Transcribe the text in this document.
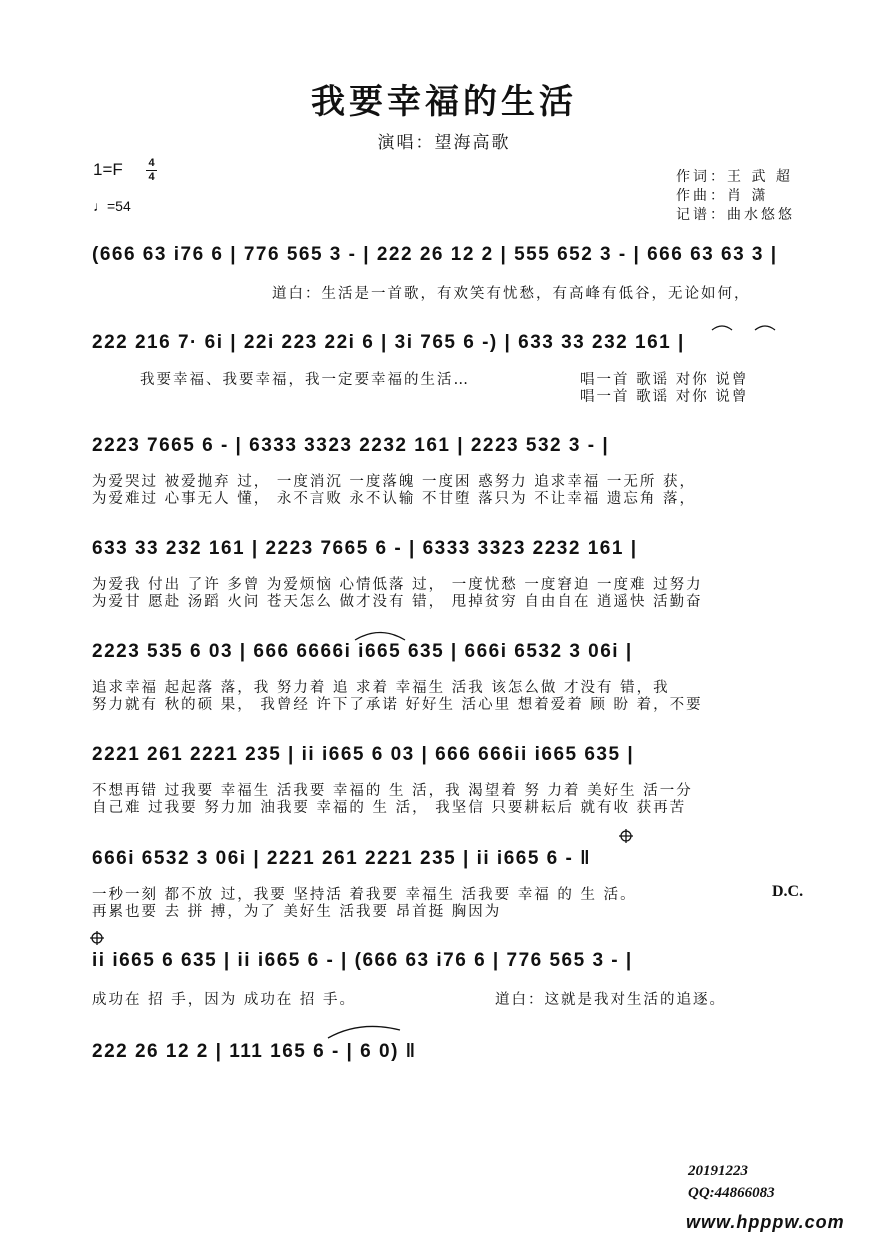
我要幸福的生活
演唱：望海高歌
1=F 4
4
♩=54
作词：王 武 超
作曲：肖 潇
记谱：曲水悠悠
(666 63 i76 6 | 776 565 3 - | 222 26 12 2 | 555 652 3 - | 666 63 63 3 |
道白：生活是一首歌，有欢笑有忧愁，有高峰有低谷，无论如何，
222 216 7· 6i | 22i 223 22i 6 | 3i 765 6 -) | 633 33 232 161 |
我要幸福、我要幸福，我一定要幸福的生活…	唱一首 歌谣 对你 说曾
唱一首 歌谣 对你 说曾
2223 7665 6 - | 6333 3323 2232 161 | 2223 532 3 - |
为爱哭过 被爱抛弃 过， 一度消沉 一度落魄 一度困 惑努力 追求幸福 一无所 获，
为爱难过 心事无人 懂， 永不言败 永不认输 不甘堕 落只为 不让幸福 遗忘角 落，
633 33 232 161 | 2223 7665 6 - | 6333 3323 2232 161 |
为爱我 付出 了许 多曾 为爱烦恼 心情低落 过， 一度忧愁 一度窘迫 一度难 过努力
为爱甘 愿赴 汤蹈 火问 苍天怎么 做才没有 错， 甩掉贫穷 自由自在 逍遥快 活勤奋
2223 535 6 03 | 666 6666i i665 635 | 666i 6532 3 06i |
追求幸福 起起落 落，我 努力着 追 求着 幸福生 活我 该怎么做 才没有 错，我
努力就有 秋的硕 果， 我曾经 许下了承诺 好好生 活心里 想着爱着 顾 盼 着，不要
2221 261 2221 235 | ii i665 6 03 | 666 666ii i665 635 |
不想再错 过我要 幸福生 活我要 幸福的 生 活，我 渴望着 努 力着 美好生 活一分
自己难 过我要 努力加 油我要 幸福的 生 活， 我坚信 只要耕耘后 就有收 获再苦
666i 6532 3 06i | 2221 261 2221 235 | ii i665 6 - ‖
一秒一刻 都不放 过，我要 坚持活 着我要 幸福生 活我要 幸福 的 生 活。	D.C.
再累也要 去 拼 搏，为了 美好生 活我要 昂首挺 胸因为
ii i665 6 635 | ii i665 6 - | (666 63 i76 6 | 776 565 3 - |
成功在 招 手，因为 成功在 招 手。	道白：这就是我对生活的追逐。
222 26 12 2 | 111 165 6 - | 6 0) ‖
20191223
QQ:44866083
www.hpppw.com
